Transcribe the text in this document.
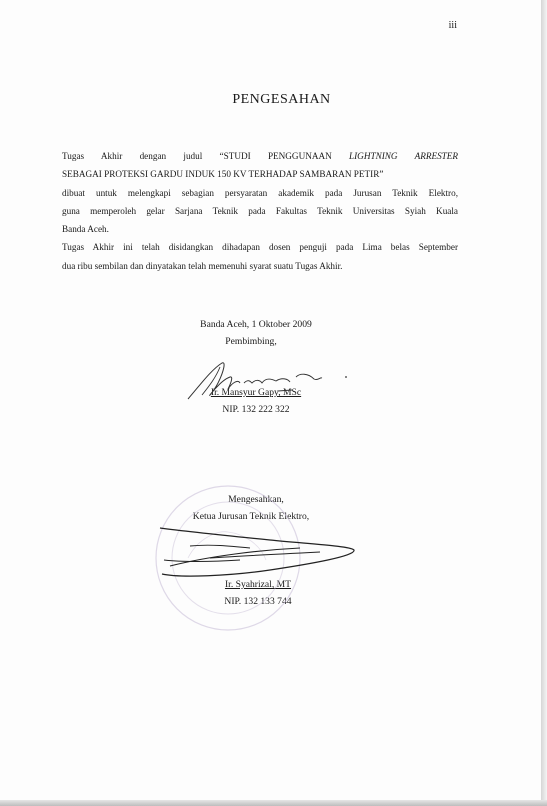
iii
PENGESAHAN

Tugas Akhir dengan judul “STUDI PENGGUNAAN LIGHTNING ARRESTER

SEBAGAI PROTEKSI GARDU INDUK 150 KV TERHADAP SAMBARAN PETIR”

dibuat untuk melengkapi sebagian persyaratan akademik pada Jurusan Teknik Elektro,

guna memperoleh gelar Sarjana Teknik pada Fakultas Teknik Universitas Syiah Kuala

Banda Aceh.

Tugas Akhir ini telah disidangkan dihadapan dosen penguji pada Lima belas September

dua ribu sembilan dan dinyatakan telah memenuhi syarat suatu Tugas Akhir.

Banda Aceh, 1 Oktober 2009
Pembimbing,
Ir. Mansyur Gapy, MSc
NIP. 132 222 322
Mengesahkan,
Ketua Jurusan Teknik Elektro,
Ir. Syahrizal, MT
NIP. 132 133 744
